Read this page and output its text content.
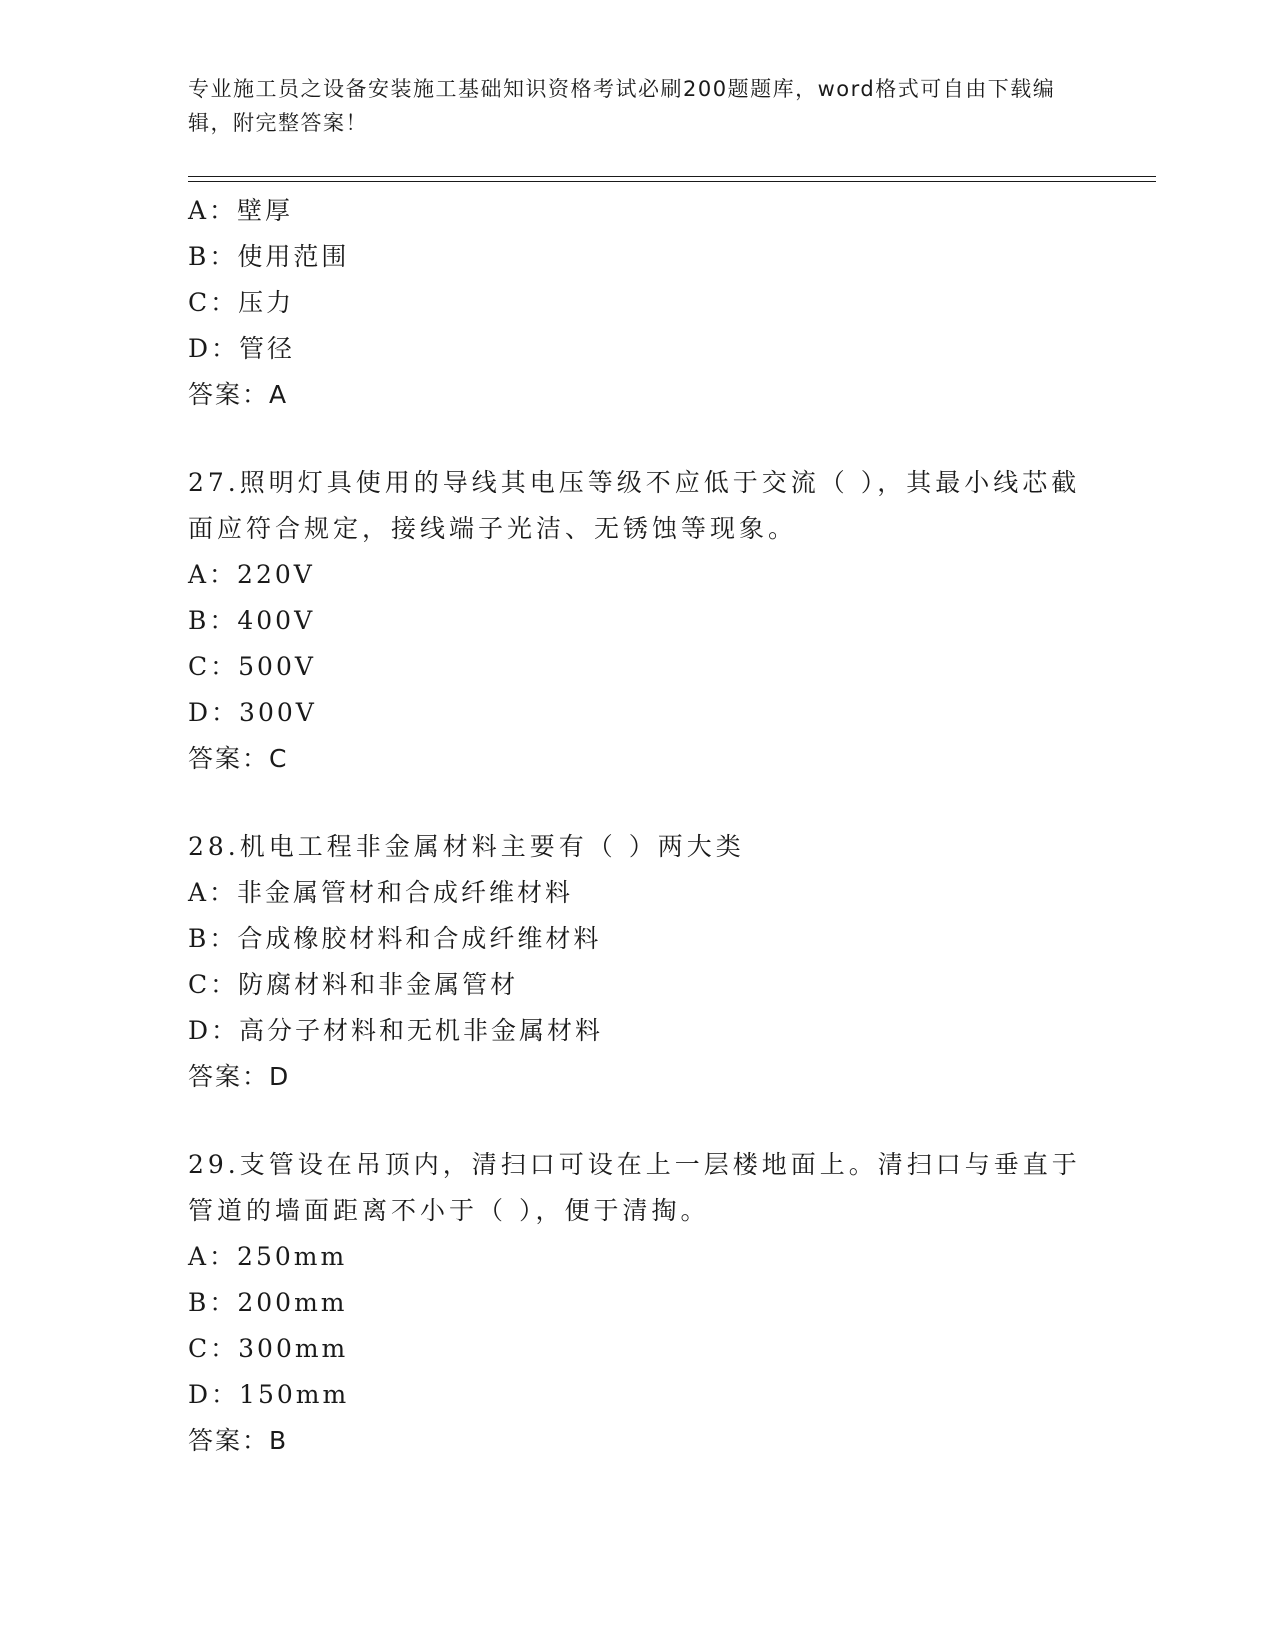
专业施工员之设备安装施工基础知识资格考试必刷200题题库，word格式可自由下载编辑，附完整答案！
A：壁厚
B：使用范围
C：压力
D：管径
答案：A
27.照明灯具使用的导线其电压等级不应低于交流（ ），其最小线芯截面应符合规定，接线端子光洁、无锈蚀等现象。
A：220V
B：400V
C：500V
D：300V
答案：C
28.机电工程非金属材料主要有（ ）两大类
A：非金属管材和合成纤维材料
B：合成橡胶材料和合成纤维材料
C：防腐材料和非金属管材
D：高分子材料和无机非金属材料
答案：D
29.支管设在吊顶内，清扫口可设在上一层楼地面上。清扫口与垂直于管道的墙面距离不小于（ ），便于清掏。
A：250mm
B：200mm
C：300mm
D：150mm
答案：B
